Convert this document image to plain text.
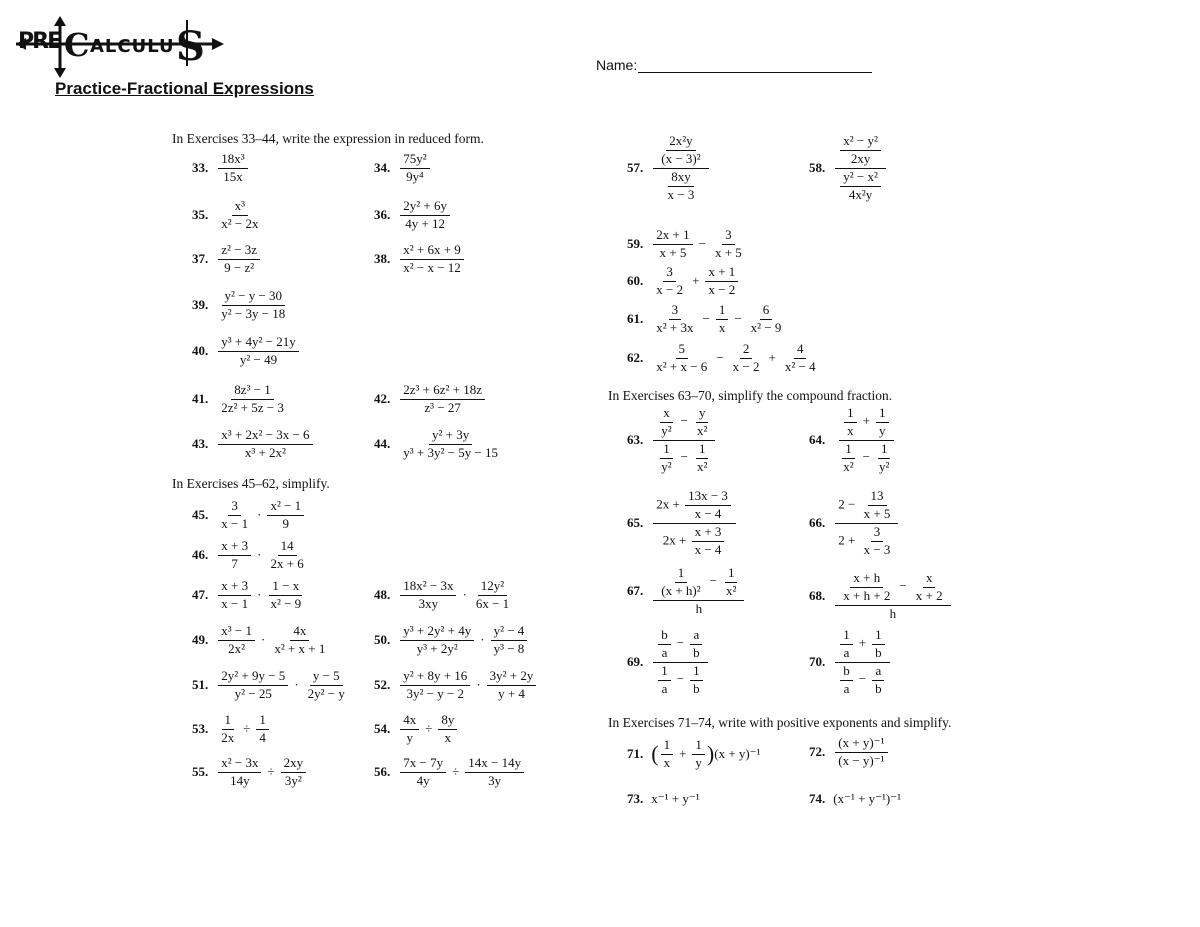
PRE C ALCULU S	Name:
Practice-Fractional Expressions
In Exercises 33–44, write the expression in reduced form.
In Exercises 45–62, simplify.
In Exercises 63–70, simplify the compound fraction.
In Exercises 71–74, write with positive exponents and simplify.
33. $\frac{\text{18x³}}{15x}$	34. $\frac{\text{75y²}}{\text{9y⁴}}$
35. $\frac{\text{x³}}{\text{x² − 2x}}$	36. $\frac{\text{2y² + 6y}}{4y + 12}$
37. $\frac{\text{z² − 3z}}{\text{9 − z²}}$	38. $\frac{\text{x² + 6x + 9}}{\text{x² − x − 12}}$
39. $\frac{\text{y² − y − 30}}{\text{y² − 3y − 18}}$
40. $\frac{\text{y³ + 4y² − 21y}}{\text{y² − 49}}$
41. $\frac{\text{8z³ − 1}}{\text{2z² + 5z − 3}}$	42. $\frac{\text{2z³ + 6z² + 18z}}{\text{z³ − 27}}$
43. $\frac{\text{x³ + 2x² − 3x − 6}}{\text{x³ + 2x²}}$	44. $\frac{\text{y² + 3y}}{\text{y³ + 3y² − 5y − 15}}$
45. $\frac{3}{x - 1} \cdot \frac{\text{x² − 1}}{9}$
46. $\frac{x + 3}{7} \cdot \frac{14}{2x + 6}$
47. $\frac{x + 3}{x - 1} \cdot \frac{1 - x}{\text{x² − 9}}$	48. $\frac{\text{18x² − 3x}}{3xy} \cdot \frac{\text{12y²}}{6x - 1}$
49. $\frac{\text{x³ − 1}}{\text{2x²}} \cdot \frac{4x}{\text{x² + x + 1}}$	50. $\frac{\text{y³ + 2y² + 4y}}{\text{y³ + 2y²}} \cdot \frac{\text{y² − 4}}{\text{y³ − 8}}$
51. $\frac{\text{2y² + 9y − 5}}{\text{y² − 25}} \cdot \frac{y - 5}{\text{2y² − y}} 52$. $\frac{\text{y² + 8y + 16}}{\text{3y² − y − 2}} \cdot \frac{\text{3y² + 2y}}{y + 4}$
53. $\frac{1}{2x} \div \frac{1}{4}$	54. $\frac{4x}{y} \div \frac{8y}{x}$
55. $\frac{\text{x² − 3x}}{14y} \div \frac{2xy}{\text{3y²}}$	56. $\frac{7x - 7y}{4y} \div \frac{14x - 14y}{3y}$
57.
$\frac{\text{2x²y}}{\text{(x − 3)²}}$
$\frac{8xy}{x - 3}$
58. $\frac{\frac{\text{x² − y²}}{2xy}}{\frac{\text{y² − x²}}{\text{4x²y}}}$
59. $\frac{2x + 1}{x + 5} - \frac{3}{x + 5}$
60. $\frac{3}{x - 2} + \frac{x + 1}{x - 2}$
61. $\frac{3}{\text{x² + 3x}} - \frac{1}{x} - \frac{6}{\text{x² − 9}}$
62. $\frac{5}{\text{x² + x − 6}} - \frac{2}{x - 2} + \frac{4}{\text{x² − 4}}$
63. $\frac{\frac{x}{\text{y²}} - \frac{y}{\text{x²}}}{\frac{1}{\text{y²}} - \frac{1}{\text{x²}}}$	64. $\frac{\frac{1}{x} + \frac{1}{y}}{\frac{1}{\text{x²}} - \frac{1}{\text{y²}}}$
65. $\frac{2x + \frac{13x - 3}{x - 4}}{2x + \frac{x + 3}{x - 4}}$	66. $\frac{2 - \frac{13}{x + 5}}{2 + \frac{3}{x - 3}}$
67. $\frac{\frac{1}{\text{(x + h)²}} - \frac{1}{\text{x²}}}{h}$	68. $\frac{\frac{x + h}{x + h + 2} - \frac{x}{x + 2}}{h}$
69. $\frac{\frac{b}{a} - \frac{a}{b}}{\frac{1}{a} - \frac{1}{b}}$	70. $\frac{\frac{1}{a} + \frac{1}{b}}{\frac{b}{a} - \frac{a}{b}}$
71. ( $\frac{1}{x} + \frac{1}{y}$ ) (x + y)⁻¹	72. $\frac{\text{(x + y)⁻¹}}{\text{(x − y)⁻¹}}$
73. x⁻¹ + y⁻¹	74. (x⁻¹ + y⁻¹)⁻¹
